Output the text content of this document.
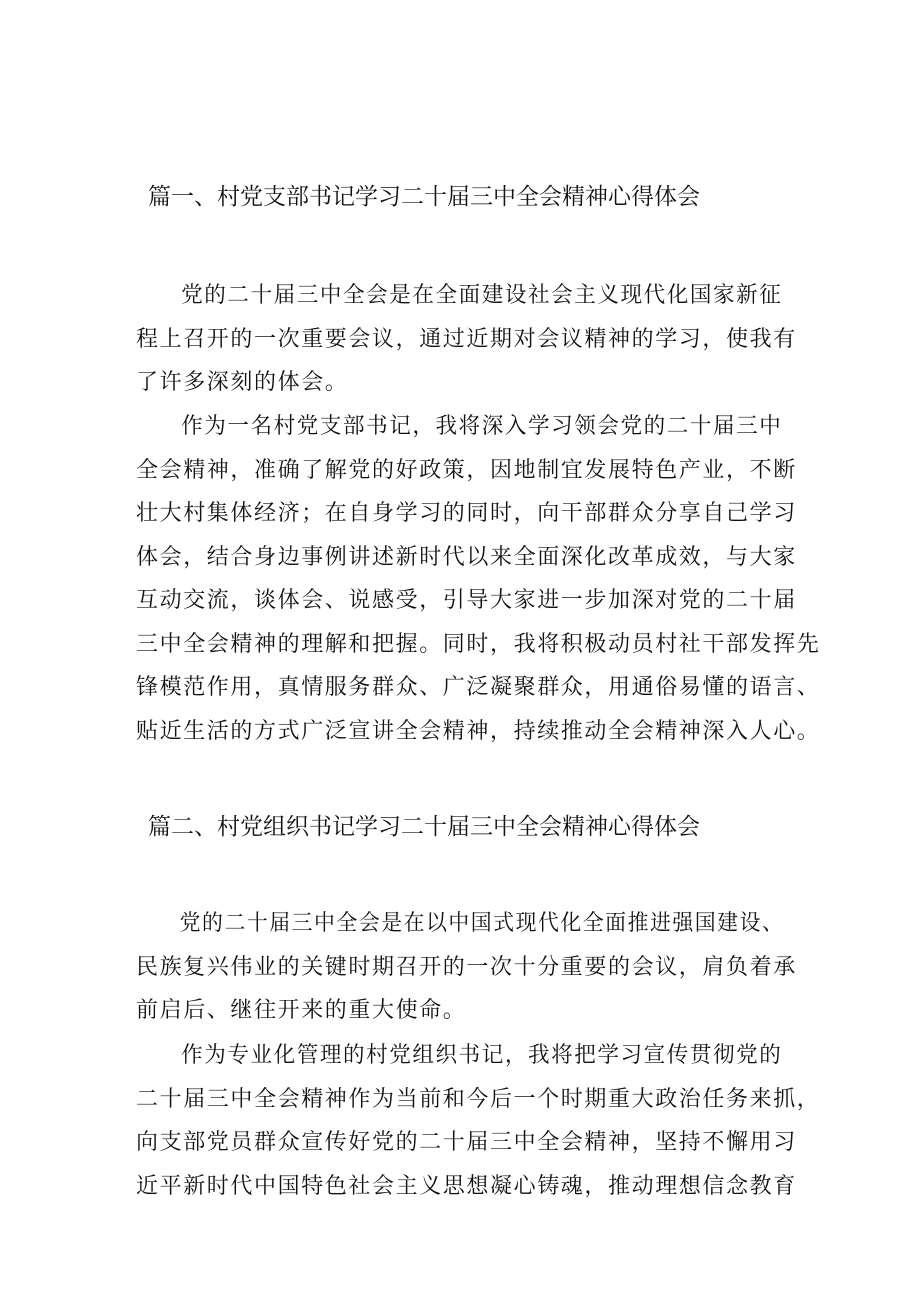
篇一、村党支部书记学习二十届三中全会精神心得体会

党的二十届三中全会是在全面建设社会主义现代化国家新征
程上召开的一次重要会议，通过近期对会议精神的学习，使我有
了许多深刻的体会。

作为一名村党支部书记，我将深入学习领会党的二十届三中
全会精神，准确了解党的好政策，因地制宜发展特色产业，不断
壮大村集体经济；在自身学习的同时，向干部群众分享自己学习
体会，结合身边事例讲述新时代以来全面深化改革成效，与大家
互动交流，谈体会、说感受，引导大家进一步加深对党的二十届
三中全会精神的理解和把握。同时，我将积极动员村社干部发挥先
锋模范作用，真情服务群众、广泛凝聚群众，用通俗易懂的语言、
贴近生活的方式广泛宣讲全会精神，持续推动全会精神深入人心。

篇二、村党组织书记学习二十届三中全会精神心得体会

党的二十届三中全会是在以中国式现代化全面推进强国建设、
民族复兴伟业的关键时期召开的一次十分重要的会议，肩负着承
前启后、继往开来的重大使命。

作为专业化管理的村党组织书记，我将把学习宣传贯彻党的
二十届三中全会精神作为当前和今后一个时期重大政治任务来抓，
向支部党员群众宣传好党的二十届三中全会精神，坚持不懈用习
近平新时代中国特色社会主义思想凝心铸魂，推动理想信念教育
